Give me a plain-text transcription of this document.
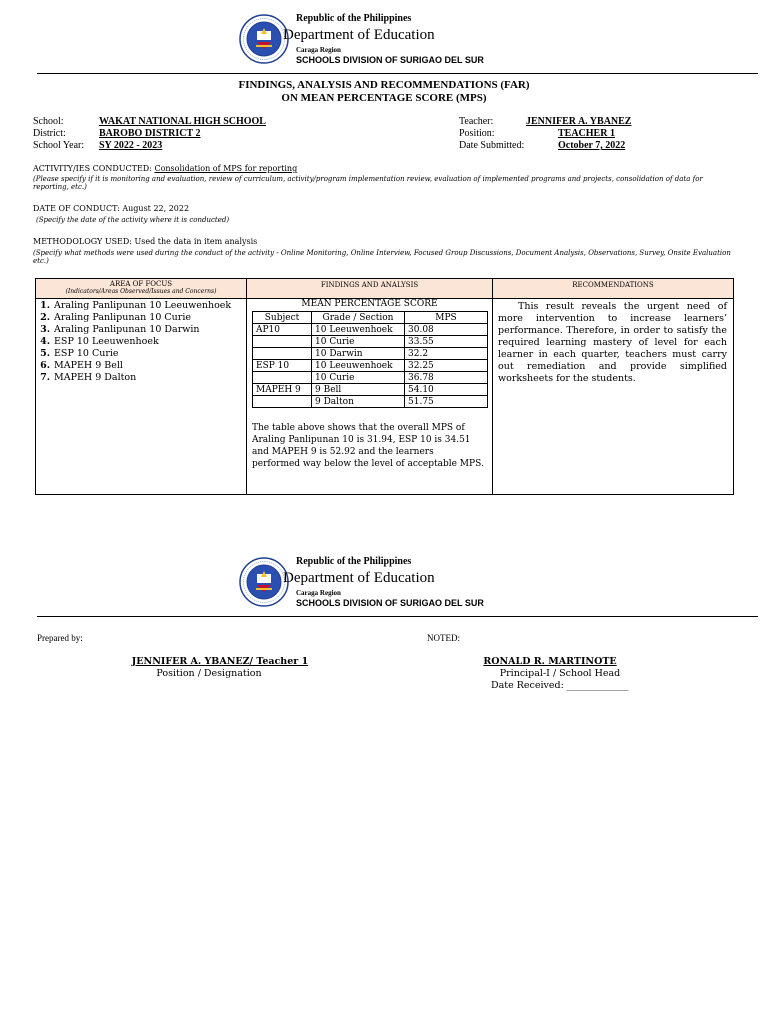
Republic of the Philippines
Department of Education
Caraga Region
SCHOOLS DIVISION OF SURIGAO DEL SUR
FINDINGS, ANALYSIS AND RECOMMENDATIONS (FAR)
ON MEAN PERCENTAGE SCORE (MPS)
School:	WAKAT NATIONAL HIGH SCHOOL
District:	BAROBO DISTRICT 2
School Year: SY 2022 - 2023
Teacher:	JENNIFER A. YBANEZ
Position:	TEACHER 1
Date Submitted:	October 7, 2022
ACTIVITY/IES CONDUCTED: Consolidation of MPS for reporting
(Please specify if it is monitoring and evaluation, review of curriculum, activity/program implementation review, evaluation of implemented programs and projects, consolidation of data for reporting, etc.)
DATE OF CONDUCT: August 22, 2022
(Specify the date of the activity where it is conducted)
METHODOLOGY USED: Used the data in item analysis
(Specify what methods were used during the conduct of the activity - Online Monitoring, Online Interview, Focused Group Discussions, Document Analysis, Observations, Survey, Onsite Evaluation etc.)
AREA OF FOCUS
(Indicators/Areas Observed/Issues and Concerns)
1. Araling Panlipunan 10 Leeuwenhoek
2. Araling Panlipunan 10 Curie
3. Araling Panlipunan 10 Darwin
4. ESP 10 Leeuwenhoek
5. ESP 10 Curie
6. MAPEH 9 Bell
7. MAPEH 9 Dalton
FINDINGS AND ANALYSIS
MEAN PERCENTAGE SCORE
Subject	Grade / Section	MPS
AP10	10 Leeuwenhoek	30.08
	10 Curie	33.55
	10 Darwin	32.2
ESP 10	10 Leeuwenhoek	32.25
	10 Curie	36.78
MAPEH 9	9 Bell	54.10
	9 Dalton	51.75
The table above shows that the overall MPS of Araling Panlipunan 10 is 31.94, ESP 10 is 34.51 and MAPEH 9 is 52.92 and the learners performed way below the level of acceptable MPS.
RECOMMENDATIONS
This result reveals the urgent need of more intervention to increase learners’ performance. Therefore, in order to satisfy the required learning mastery of level for each learner in each quarter, teachers must carry out remediation and provide simplified worksheets for the students.
Republic of the Philippines
Department of Education
Caraga Region
SCHOOLS DIVISION OF SURIGAO DEL SUR
Prepared by:	NOTED:
JENNIFER A. YBANEZ/ Teacher 1
Position / Designation
RONALD R. MARTINOTE
Principal-I / School Head
Date Received: _____________
